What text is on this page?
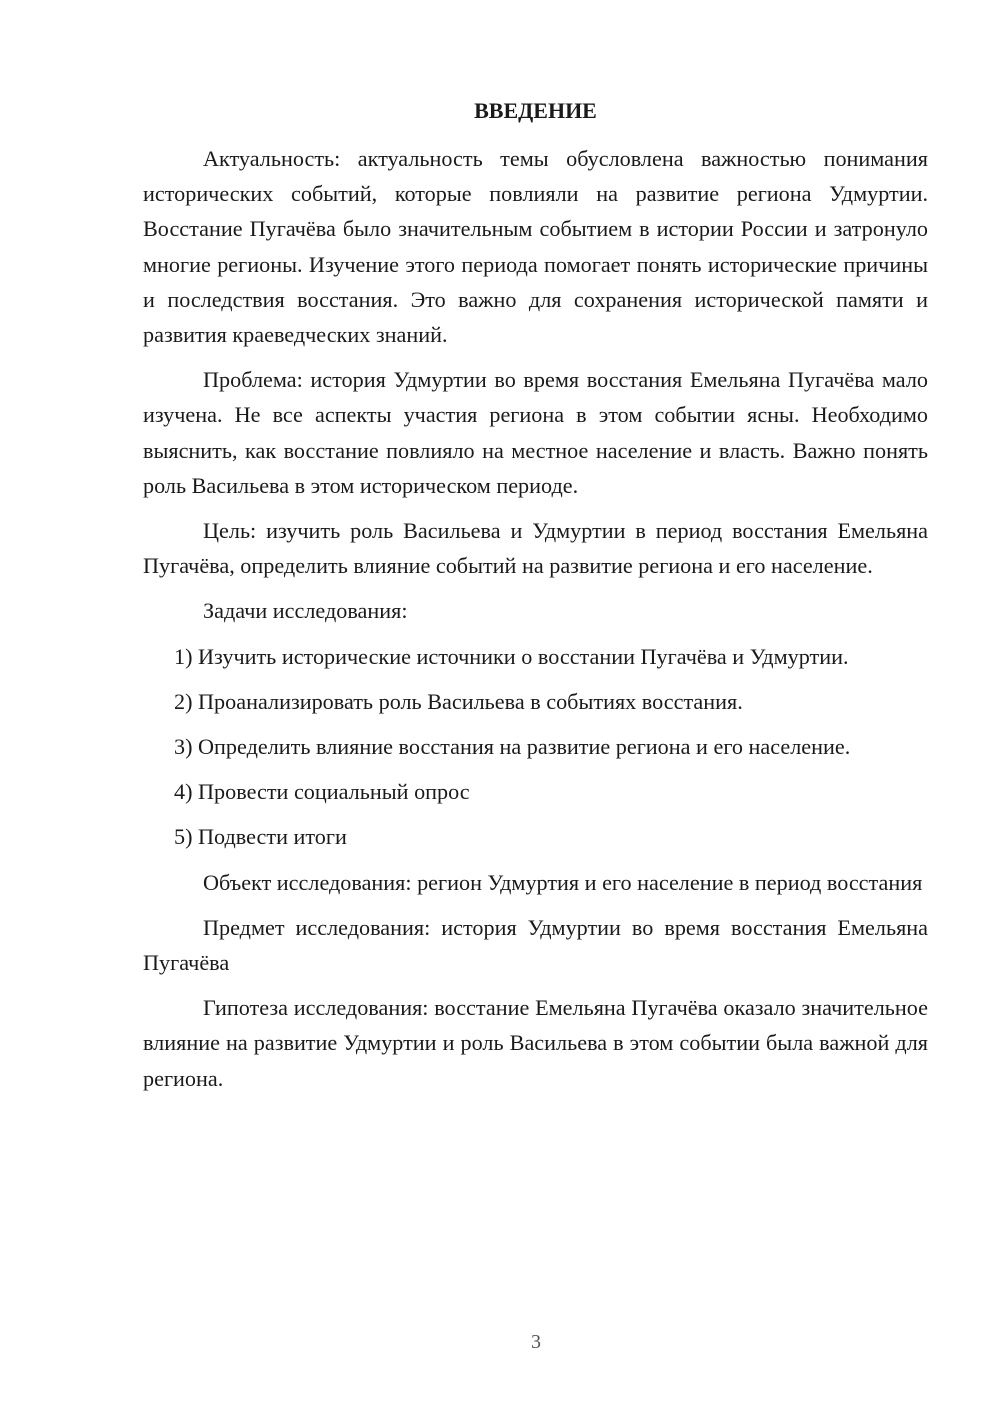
ВВЕДЕНИЕ

Актуальность: актуальность темы обусловлена важностью понимания исторических событий, которые повлияли на развитие региона Удмуртии. Восстание Пугачёва было значительным событием в истории России и затронуло многие регионы. Изучение этого периода помогает понять исторические причины и последствия восстания. Это важно для сохранения исторической памяти и развития краеведческих знаний.

Проблема: история Удмуртии во время восстания Емельяна Пугачёва мало изучена. Не все аспекты участия региона в этом событии ясны. Необходимо выяснить, как восстание повлияло на местное население и власть. Важно понять роль Васильева в этом историческом периоде.

Цель: изучить роль Васильева и Удмуртии в период восстания Емельяна Пугачёва, определить влияние событий на развитие региона и его население.

Задачи исследования:

1) Изучить исторические источники о восстании Пугачёва и Удмуртии.

2) Проанализировать роль Васильева в событиях восстания.

3) Определить влияние восстания на развитие региона и его население.

4) Провести социальный опрос

5) Подвести итоги

Объект исследования: регион Удмуртия и его население в период восстания

Предмет исследования: история Удмуртии во время восстания Емельяна Пугачёва

Гипотеза исследования: восстание Емельяна Пугачёва оказало значительное влияние на развитие Удмуртии и роль Васильева в этом событии была важной для региона.

3
